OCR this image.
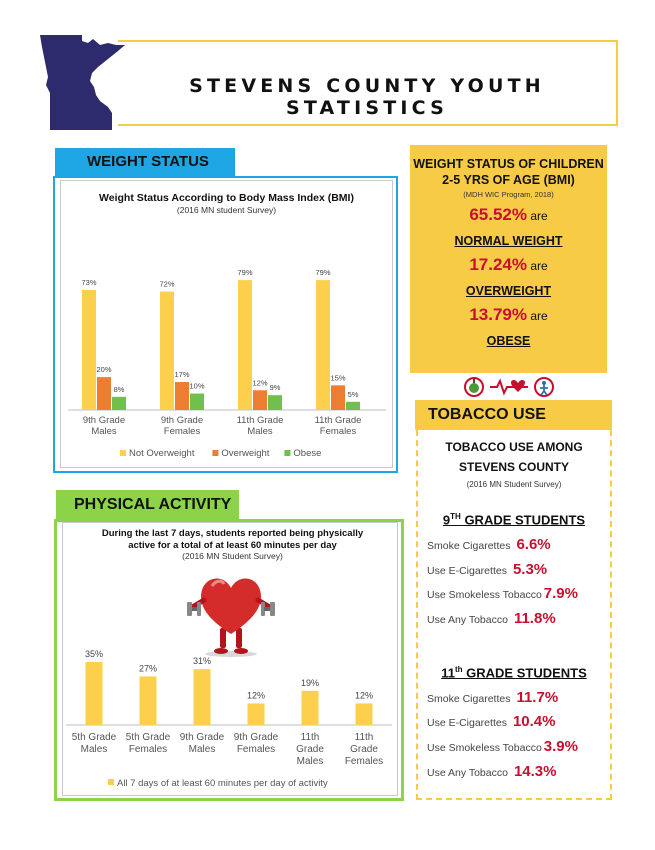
STEVENS COUNTY YOUTH STATISTICS
WEIGHT STATUS
Weight Status According to Body Mass Index (BMI)
(2016 MN student Survey)
73%
20%
8%
9th Grade
Males
72%
17%
10%
9th Grade
Females
79%
12%
9%
11th Grade
Males
79%
15%
5%
11th Grade
Females
Not Overweight	Overweight	Obese
PHYSICAL ACTIVITY
During the last 7 days, students reported being physically
active for a total of at least 60 minutes per day
(2016 MN Student Survey)
35%
5th Grade
Males
27%
5th Grade
Females
31%
9th Grade
Males
12%
9th Grade
Females
19%
11th
Grade
Males
12%
11th
Grade
Females
All 7 days of at least 60 minutes per day of activity
WEIGHT STATUS OF CHILDREN
2-5 YRS OF AGE (BMI)
(MDH WIC Program, 2018)
65.52% are
NORMAL WEIGHT
17.24% are
OVERWEIGHT
13.79% are
OBESE
TOBACCO USE
TOBACCO USE AMONG
STEVENS COUNTY
(2016 MN Student Survey)
9TH GRADE STUDENTS
Smoke Cigarettes 6.6%
Use E-Cigarettes 5.3%
Use Smokeless Tobacco 7.9%
Use Any Tobacco 11.8%
11th GRADE STUDENTS
Smoke Cigarettes 11.7%
Use E-Cigarettes 10.4%
Use Smokeless Tobacco 3.9%
Use Any Tobacco 14.3%
